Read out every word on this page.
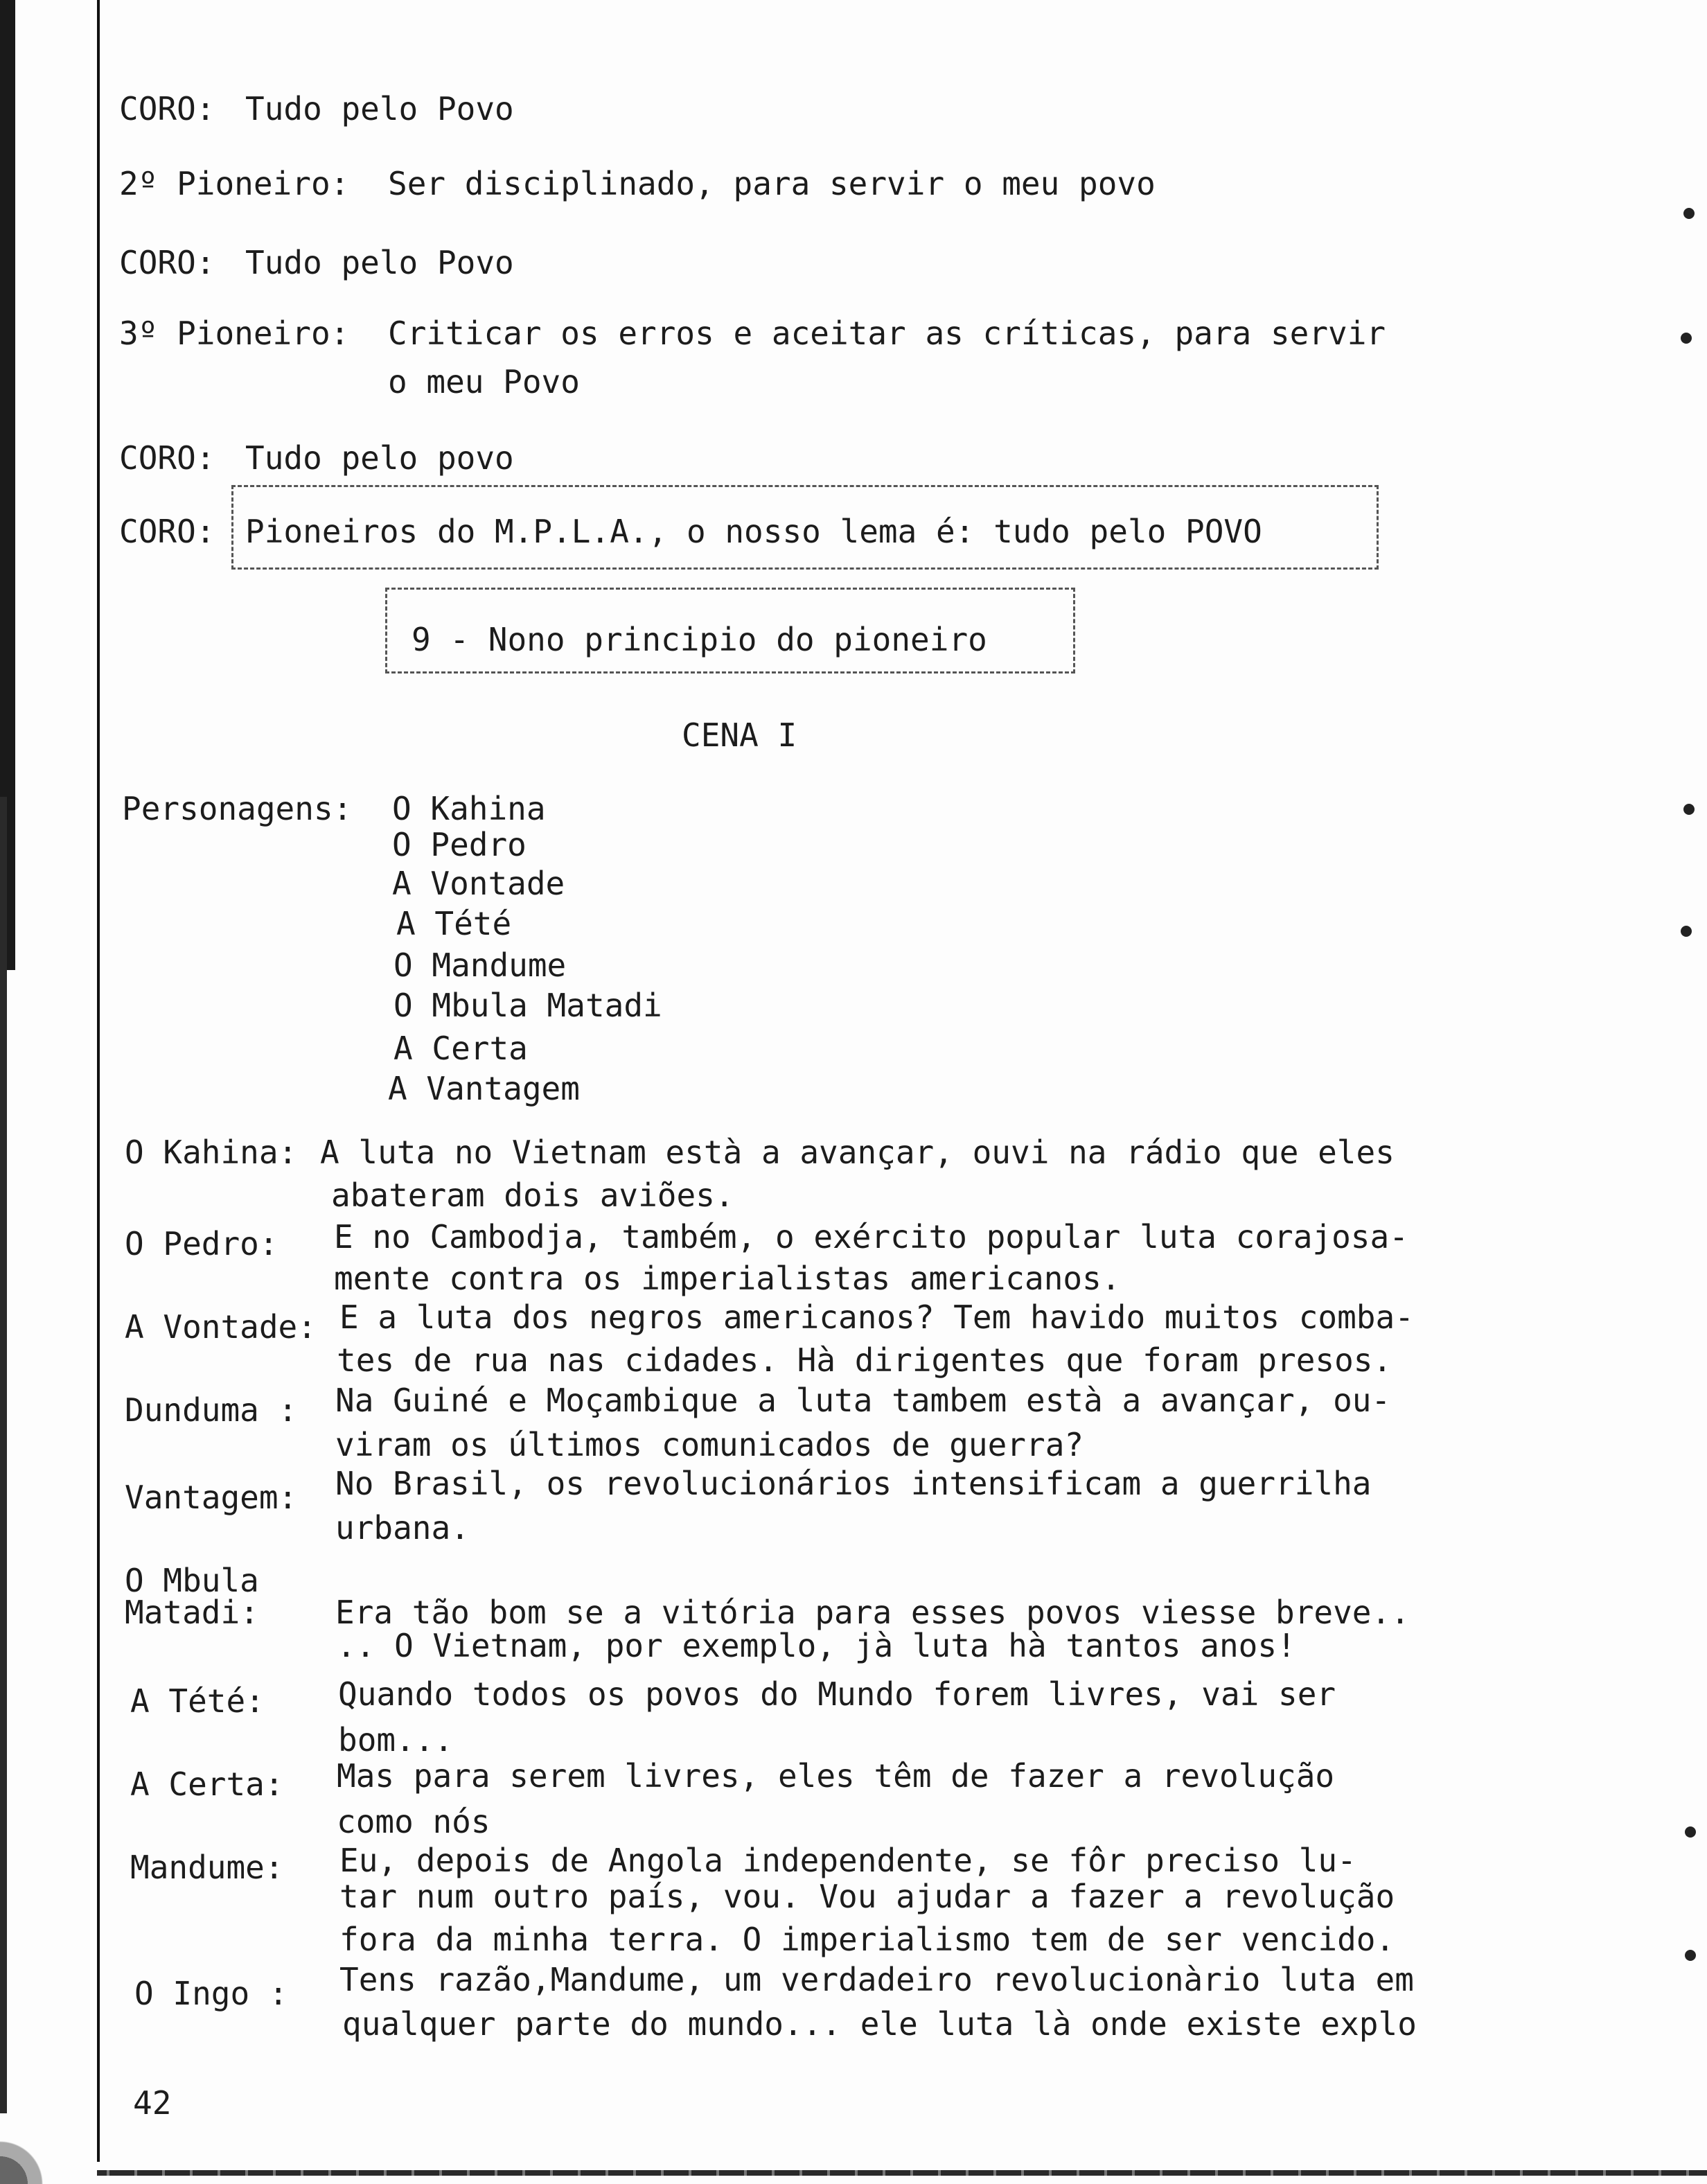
CORO: Tudo pelo Povo
2º Pioneiro: Ser disciplinado, para servir o meu povo
CORO: Tudo pelo Povo
3º Pioneiro: Criticar os erros e aceitar as críticas, para servir
o meu Povo
CORO: Tudo pelo povo
CORO: Pioneiros do M.P.L.A., o nosso lema é: tudo pelo POVO
9 - Nono principio do pioneiro
CENA I
Personagens: O Kahina
O Pedro
A Vontade
A Tété
O Mandume
O Mbula Matadi
A Certa
A Vantagem
O Kahina: A luta no Vietnam està a avançar, ouvi na rádio que eles
abateram dois aviões.
O Pedro: E no Cambodja, também, o exército popular luta corajosa-
mente contra os imperialistas americanos.
A Vontade: E a luta dos negros americanos? Tem havido muitos comba-
tes de rua nas cidades. Hà dirigentes que foram presos.
Dunduma : Na Guiné e Moçambique a luta tambem està a avançar, ou-
viram os últimos comunicados de guerra?
Vantagem: No Brasil, os revolucionários intensificam a guerrilha
urbana.
O Mbula
Matadi: Era tão bom se a vitória para esses povos viesse breve..
.. O Vietnam, por exemplo, jà luta hà tantos anos!
A Tété: Quando todos os povos do Mundo forem livres, vai ser
bom...
A Certa: Mas para serem livres, eles têm de fazer a revolução
como nós
Mandume: Eu, depois de Angola independente, se fôr preciso lu-
tar num outro país, vou. Vou ajudar a fazer a revolução
fora da minha terra. O imperialismo tem de ser vencido.
O Ingo : Tens razão,Mandume, um verdadeiro revolucionàrio luta em
qualquer parte do mundo... ele luta là onde existe explo
42
